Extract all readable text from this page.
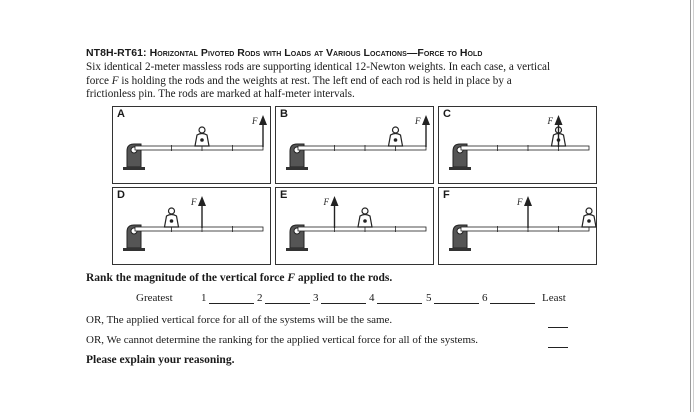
NT8H-RT61: Horizontal Pivoted Rods with Loads at Various Locations—Force to Hold

Six identical 2-meter massless rods are supporting identical 12-Newton weights. In each case, a vertical
force F is holding the rods and the weights at rest. The left end of each rod is held in place by a
frictionless pin. The rods are marked at half-meter intervals.

F
A
F
B
F
C
F
D
F
E
F
F

Rank the magnitude of the vertical force F applied to the rods.

Greatest	1	2	3	4	5	6	Least
OR, The applied vertical force for all of the systems will be the same.
OR, We cannot determine the ranking for the applied vertical force for all of the systems.
Please explain your reasoning.
